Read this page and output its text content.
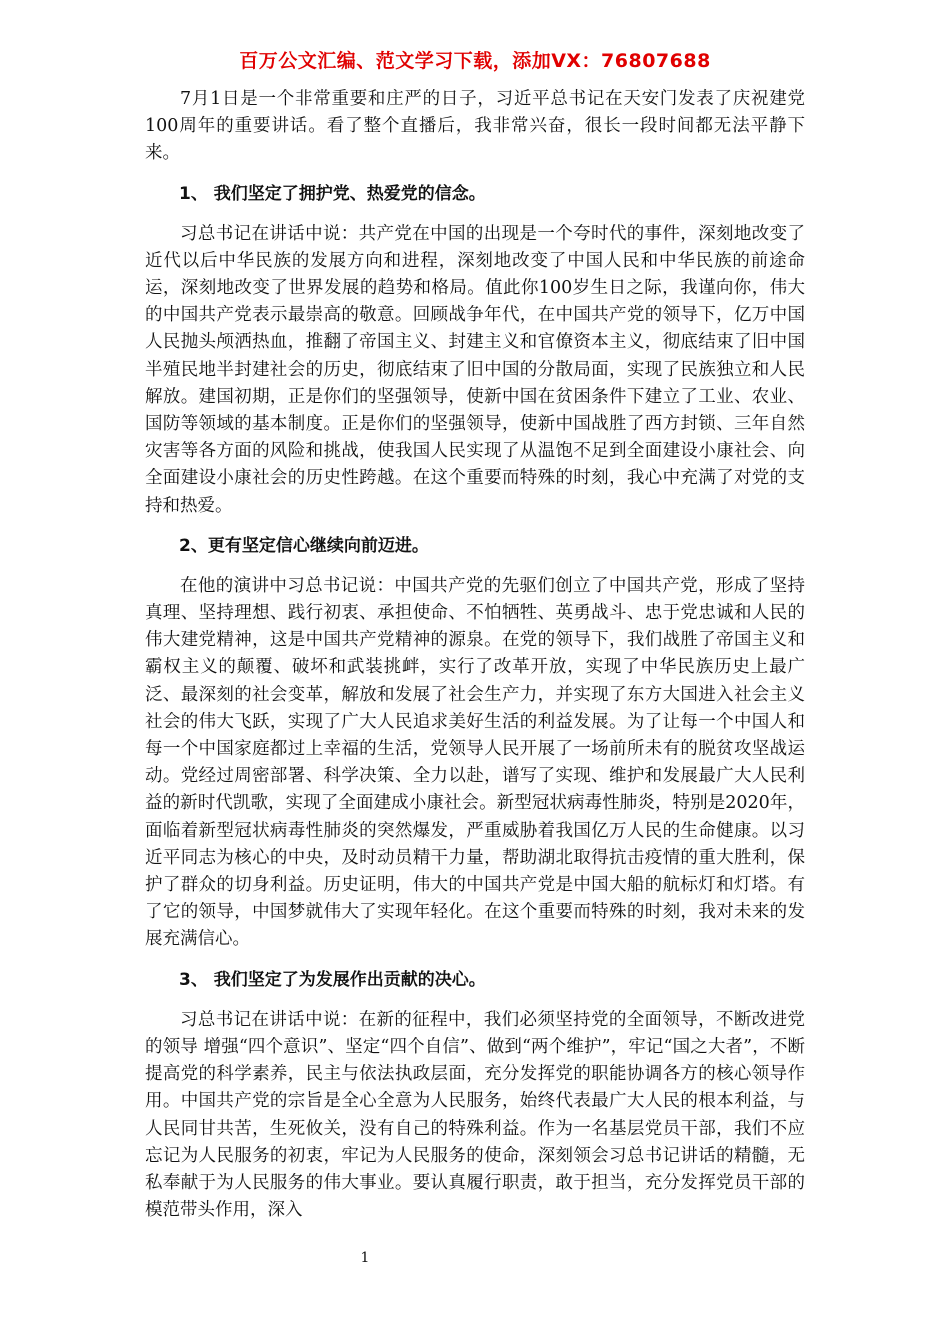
百万公文汇编、范文学习下载，添加VX：76807688

7月1日是一个非常重要和庄严的日子，习近平总书记在天安门发表了庆祝建党100周年的重要讲话。看了整个直播后，我非常兴奋，很长一段时间都无法平静下来。

1、 我们坚定了拥护党、热爱党的信念。

习总书记在讲话中说：共产党在中国的出现是一个夸时代的事件，深刻地改变了近代以后中华民族的发展方向和进程，深刻地改变了中国人民和中华民族的前途命运，深刻地改变了世界发展的趋势和格局。值此你100岁生日之际，我谨向你，伟大的中国共产党表示最崇高的敬意。回顾战争年代，在中国共产党的领导下，亿万中国人民抛头颅洒热血，推翻了帝国主义、封建主义和官僚资本主义，彻底结束了旧中国半殖民地半封建社会的历史，彻底结束了旧中国的分散局面，实现了民族独立和人民解放。建国初期，正是你们的坚强领导，使新中国在贫困条件下建立了工业、农业、国防等领域的基本制度。正是你们的坚强领导，使新中国战胜了西方封锁、三年自然灾害等各方面的风险和挑战，使我国人民实现了从温饱不足到全面建设小康社会、向全面建设小康社会的历史性跨越。在这个重要而特殊的时刻，我心中充满了对党的支持和热爱。

2、更有坚定信心继续向前迈进。

在他的演讲中习总书记说：中国共产党的先驱们创立了中国共产党，形成了坚持真理、坚持理想、践行初衷、承担使命、不怕牺牲、英勇战斗、忠于党忠诚和人民的伟大建党精神，这是中国共产党精神的源泉。在党的领导下，我们战胜了帝国主义和霸权主义的颠覆、破坏和武装挑衅，实行了改革开放，实现了中华民族历史上最广泛、最深刻的社会变革，解放和发展了社会生产力，并实现了东方大国进入社会主义社会的伟大飞跃，实现了广大人民追求美好生活的利益发展。为了让每一个中国人和每一个中国家庭都过上幸福的生活，党领导人民开展了一场前所未有的脱贫攻坚战运动。党经过周密部署、科学决策、全力以赴，谱写了实现、维护和发展最广大人民利益的新时代凯歌，实现了全面建成小康社会。新型冠状病毒性肺炎，特别是2020年，面临着新型冠状病毒性肺炎的突然爆发，严重威胁着我国亿万人民的生命健康。以习近平同志为核心的中央，及时动员精干力量，帮助湖北取得抗击疫情的重大胜利，保护了群众的切身利益。历史证明，伟大的中国共产党是中国大船的航标灯和灯塔。有了它的领导，中国梦就伟大了实现年轻化。在这个重要而特殊的时刻，我对未来的发展充满信心。

3、 我们坚定了为发展作出贡献的决心。

习总书记在讲话中说：在新的征程中，我们必须坚持党的全面领导，不断改进党的领导 增强“四个意识”、坚定“四个自信”、做到“两个维护”，牢记“国之大者”，不断提高党的科学素养，民主与依法执政层面，充分发挥党的职能协调各方的核心领导作用。中国共产党的宗旨是全心全意为人民服务，始终代表最广大人民的根本利益，与人民同甘共苦，生死攸关，没有自己的特殊利益。作为一名基层党员干部，我们不应忘记为人民服务的初衷，牢记为人民服务的使命，深刻领会习总书记讲话的精髓，无私奉献于为人民服务的伟大事业。要认真履行职责，敢于担当，充分发挥党员干部的模范带头作用，深入

1
